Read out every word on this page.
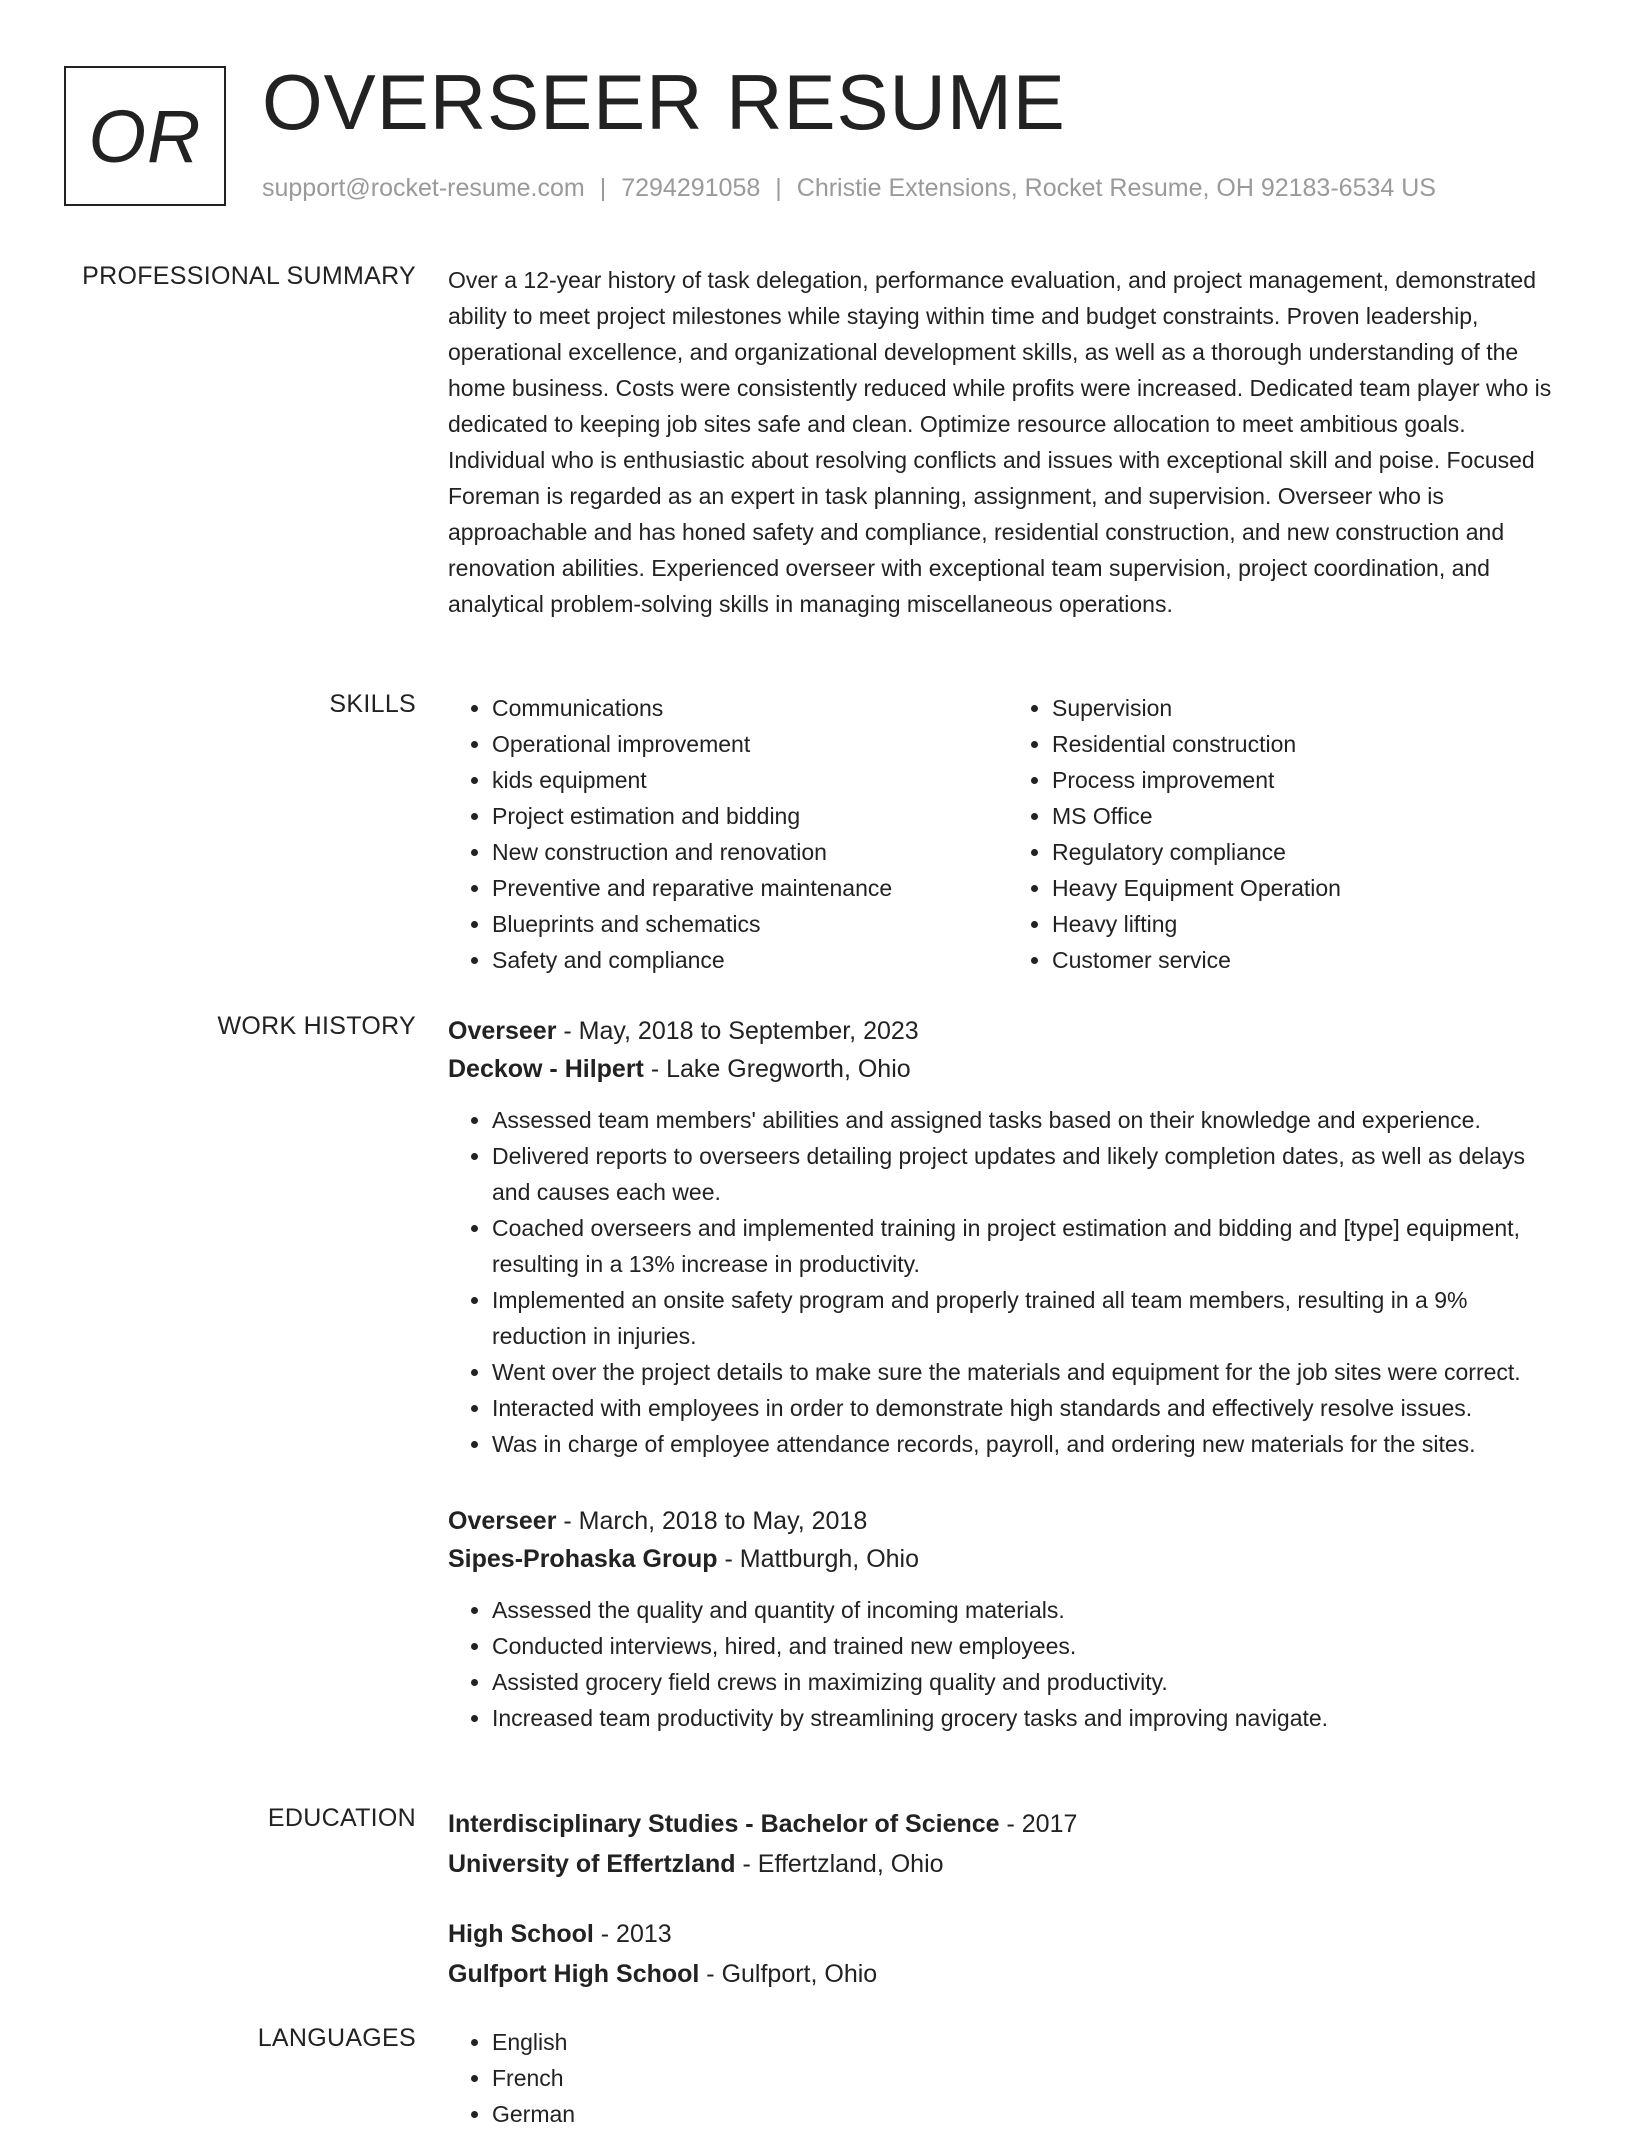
OR OVERSEER RESUME
support@rocket-resume.com | 7294291058 | Christie Extensions, Rocket Resume, OH 92183-6534 US
PROFESSIONAL SUMMARY Over a 12-year history of task delegation, performance evaluation, and project management, demonstrated ability to meet project milestones while staying within time and budget constraints. Proven leadership, operational excellence, and organizational development skills, as well as a thorough understanding of the home business. Costs were consistently reduced while profits were increased. Dedicated team player who is dedicated to keeping job sites safe and clean. Optimize resource allocation to meet ambitious goals. Individual who is enthusiastic about resolving conflicts and issues with exceptional skill and poise. Focused Foreman is regarded as an expert in task planning, assignment, and supervision. Overseer who is approachable and has honed safety and compliance, residential construction, and new construction and renovation abilities. Experienced overseer with exceptional team supervision, project coordination, and analytical problem-solving skills in managing miscellaneous operations.

SKILLS	• Communications
• Operational improvement
• kids equipment
• Project estimation and bidding
• New construction and renovation
• Preventive and reparative maintenance
• Blueprints and schematics
• Safety and compliance
• Supervision
• Residential construction
• Process improvement
• MS Office
• Regulatory compliance
• Heavy Equipment Operation
• Heavy lifting
• Customer service
WORK HISTORY Overseer - May, 2018 to September, 2023
Deckow - Hilpert - Lake Gregworth, Ohio
• Assessed team members' abilities and assigned tasks based on their knowledge and experience.
• Delivered reports to overseers detailing project updates and likely completion dates, as well as delays and causes each wee.
• Coached overseers and implemented training in project estimation and bidding and [type] equipment, resulting in a 13% increase in productivity.
• Implemented an onsite safety program and properly trained all team members, resulting in a 9% reduction in injuries.
• Went over the project details to make sure the materials and equipment for the job sites were correct.
• Interacted with employees in order to demonstrate high standards and effectively resolve issues.
• Was in charge of employee attendance records, payroll, and ordering new materials for the sites.
Overseer - March, 2018 to May, 2018
Sipes-Prohaska Group - Mattburgh, Ohio
• Assessed the quality and quantity of incoming materials.
• Conducted interviews, hired, and trained new employees.
• Assisted grocery field crews in maximizing quality and productivity.
• Increased team productivity by streamlining grocery tasks and improving navigate.
EDUCATION Interdisciplinary Studies - Bachelor of Science - 2017
University of Effertzland - Effertzland, Ohio
High School - 2013
Gulfport High School - Gulfport, Ohio
LANGUAGES	• English
• French
• German
